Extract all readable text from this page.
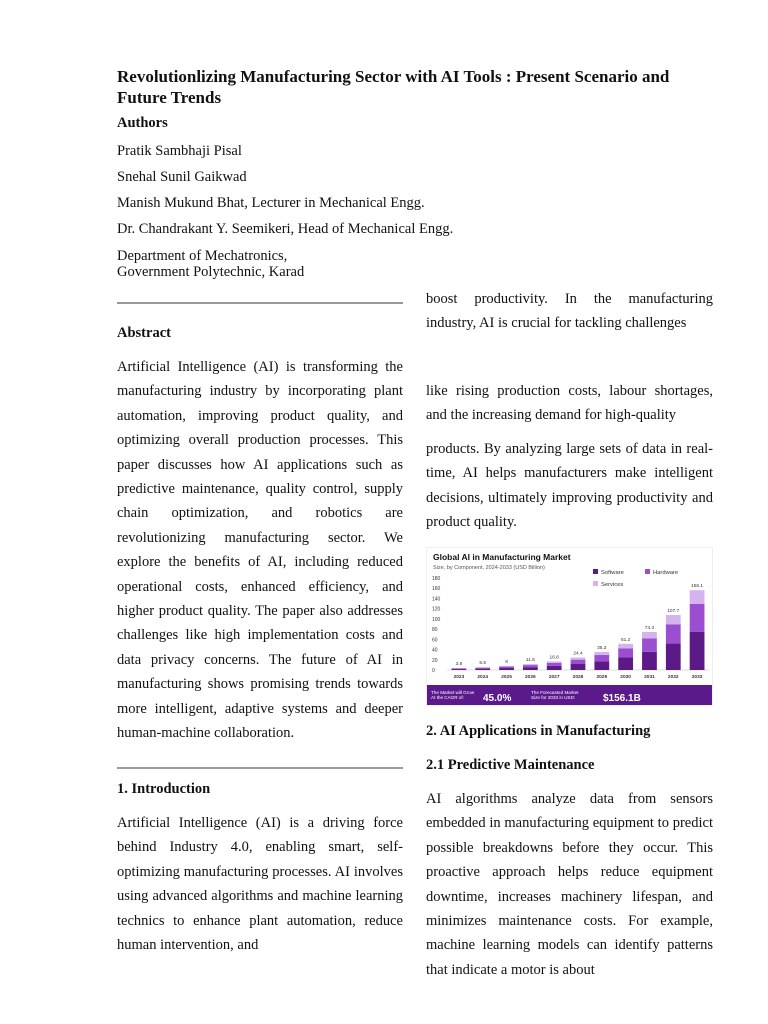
Revolutionlizing Manufacturing Sector with AI Tools : Present Scenario and Future Trends
Authors
Pratik Sambhaji Pisal
Snehal Sunil Gaikwad
Manish Mukund Bhat, Lecturer in Mechanical Engg.
Dr. Chandrakant Y. Seemikeri, Head of Mechanical Engg.
Department of Mechatronics,
Government Polytechnic, Karad
Abstract
Artificial Intelligence (AI) is transforming the manufacturing industry by incorporating plant automation, improving product quality, and optimizing overall production processes. This paper discusses how AI applications such as predictive maintenance, quality control, supply chain optimization, and robotics are revolutionizing manufacturing sector. We explore the benefits of AI, including reduced operational costs, enhanced efficiency, and higher product quality. The paper also addresses challenges like high implementation costs and data privacy concerns. The future of AI in manufacturing shows promising trends towards more intelligent, adaptive systems and deeper human-machine collaboration.
1. Introduction
Artificial Intelligence (AI) is a driving force behind Industry 4.0, enabling smart, self-optimizing manufacturing processes. AI involves using advanced algorithms and machine learning technics to enhance plant automation, reduce human intervention, and
boost productivity. In the manufacturing industry, AI is crucial for tackling challenges
like rising production costs, labour shortages, and the increasing demand for high-quality
products. By analyzing large sets of data in real-time, AI helps manufacturers make intelligent decisions, ultimately improving productivity and product quality.
Global AI in Manufacturing Market
Size, by Component, 2024-2033 (USD Billion)
Software	Hardware
Services
0
20
40
60
80
100
120
140
160
180
3.8
2023
5.5
2024
8
2025
11.6
2026
16.8
2027
24.4
2028
35.3
2029
51.2
2030
74.3
2031
107.7
2032
156.1
2033
The Market will Grow At the CAGR of:	45.0%
The Forecasted Market Size for 2033 in USD:	$156.1B
2. AI Applications in Manufacturing
2.1 Predictive Maintenance
AI algorithms analyze data from sensors embedded in manufacturing equipment to predict possible breakdowns before they occur. This proactive approach helps reduce equipment downtime, increases machinery lifespan, and minimizes maintenance costs. For example, machine learning models can identify patterns that indicate a motor is about
